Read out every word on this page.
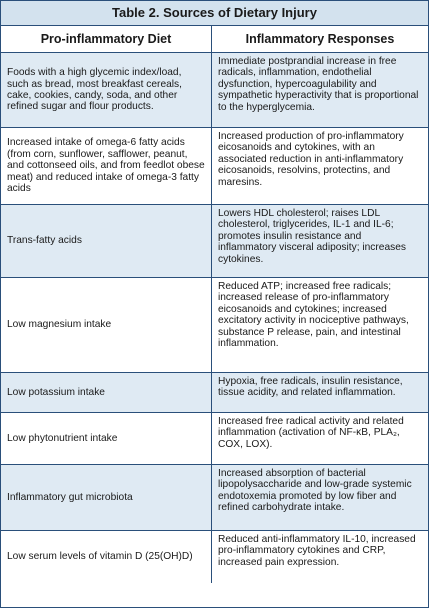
Table 2. Sources of Dietary Injury
Pro-inflammatory Diet	Inflammatory Responses
Foods with a high glycemic index/load, such as bread, most breakfast cereals, cake, cookies, candy, soda, and other refined sugar and flour products.
Immediate postprandial increase in free radicals, inflammation, endothelial dysfunction, hypercoagulability and sympathetic hyperactivity that is proportional to the hyperglycemia.
Increased intake of omega-6 fatty acids (from corn, sunflower, safflower, peanut, and cottonseed oils, and from feedlot obese meat) and reduced intake of omega-3 fatty acids
Increased production of pro-inflammatory eicosanoids and cytokines, with an associated reduction in anti-inflammatory eicosanoids, resolvins, protectins, and maresins.
Trans-fatty acids
Lowers HDL cholesterol; raises LDL cholesterol, triglycerides, IL-1 and IL-6; promotes insulin resistance and inflammatory visceral adiposity; increases cytokines.
Low magnesium intake
Reduced ATP; increased free radicals; increased release of pro-inflammatory eicosanoids and cytokines; increased excitatory activity in nociceptive pathways, substance P release, pain, and intestinal inflammation.
Low potassium intake
Hypoxia, free radicals, insulin resistance, tissue acidity, and related inflammation.
Low phytonutrient intake
Increased free radical activity and related inflammation (activation of NF-κB, PLA₂, COX, LOX).
Inflammatory gut microbiota
Increased absorption of bacterial lipopolysaccharide and low-grade systemic endotoxemia promoted by low fiber and refined carbohydrate intake.
Low serum levels of vitamin D (25(OH)D)
Reduced anti-inflammatory IL-10, increased pro-inflammatory cytokines and CRP, increased pain expression.
